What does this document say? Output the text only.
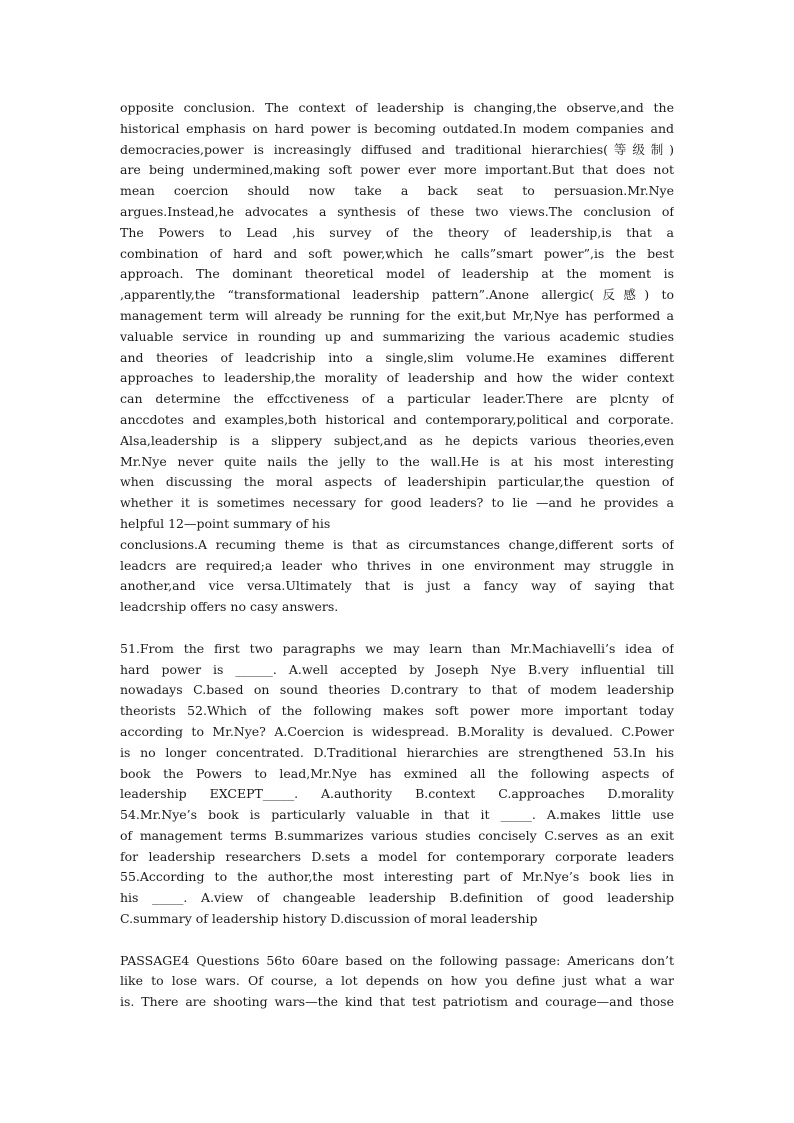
opposite conclusion. The context of leadership is changing,the observe,and the
historical emphasis on hard power is becoming outdated.In modem companies and
democracies,power is increasingly diffused and traditional hierarchies(等级制)
are being undermined,making soft power ever more important.But that does not
mean coercion should now take a back seat to persuasion.Mr.Nye
argues.Instead,he advocates a synthesis of these two views.The conclusion of
The Powers to Lead ,his survey of the theory of leadership,is that a
combination of hard and soft power,which he calls”smart power”,is the best
approach. The dominant theoretical model of leadership at the moment is
,apparently,the “transformational leadership pattern”.Anone allergic(反感) to
management term will already be running for the exit,but Mr,Nye has performed a
valuable service in rounding up and summarizing the various academic studies
and theories of leadcriship into a single,slim volume.He examines different
approaches to leadership,the morality of leadership and how the wider context
can determine the effcctiveness of a particular leader.There are plcnty of
anccdotes and examples,both historical and contemporary,political and corporate.
Alsa,leadership is a slippery subject,and as he depicts various theories,even
Mr.Nye never quite nails the jelly to the wall.He is at his most interesting
when discussing the moral aspects of leadershipin particular,the question of
whether it is sometimes necessary for good leaders? to lie —and he provides a
helpful 12—point summary of his
conclusions.A recuming theme is that as circumstances change,different sorts of
leadcrs are required;a leader who thrives in one environment may struggle in
another,and vice versa.Ultimately that is just a fancy way of saying that
leadcrship offers no casy answers.
51.From the first two paragraphs we may learn than Mr.Machiavelli’s idea of
hard power is ______. A.well accepted by Joseph Nye B.very influential till
nowadays C.based on sound theories D.contrary to that of modem leadership
theorists 52.Which of the following makes soft power more important today
according to Mr.Nye? A.Coercion is widespread. B.Morality is devalued. C.Power
is no longer concentrated. D.Traditional hierarchies are strengthened 53.In his
book the Powers to lead,Mr.Nye has exmined all the following aspects of
leadership EXCEPT_____. A.authority B.context C.approaches D.morality
54.Mr.Nye’s book is particularly valuable in that it _____. A.makes little use
of management terms B.summarizes various studies concisely C.serves as an exit
for leadership researchers D.sets a model for contemporary corporate leaders
55.According to the author,the most interesting part of Mr.Nye’s book lies in
his _____. A.view of changeable leadership B.definition of good leadership
C.summary of leadership history D.discussion of moral leadership
PASSAGE4 Questions 56to 60are based on the following passage: Americans don’t
like to lose wars. Of course, a lot depends on how you define just what a war
is. There are shooting wars—the kind that test patriotism and courage—and those
